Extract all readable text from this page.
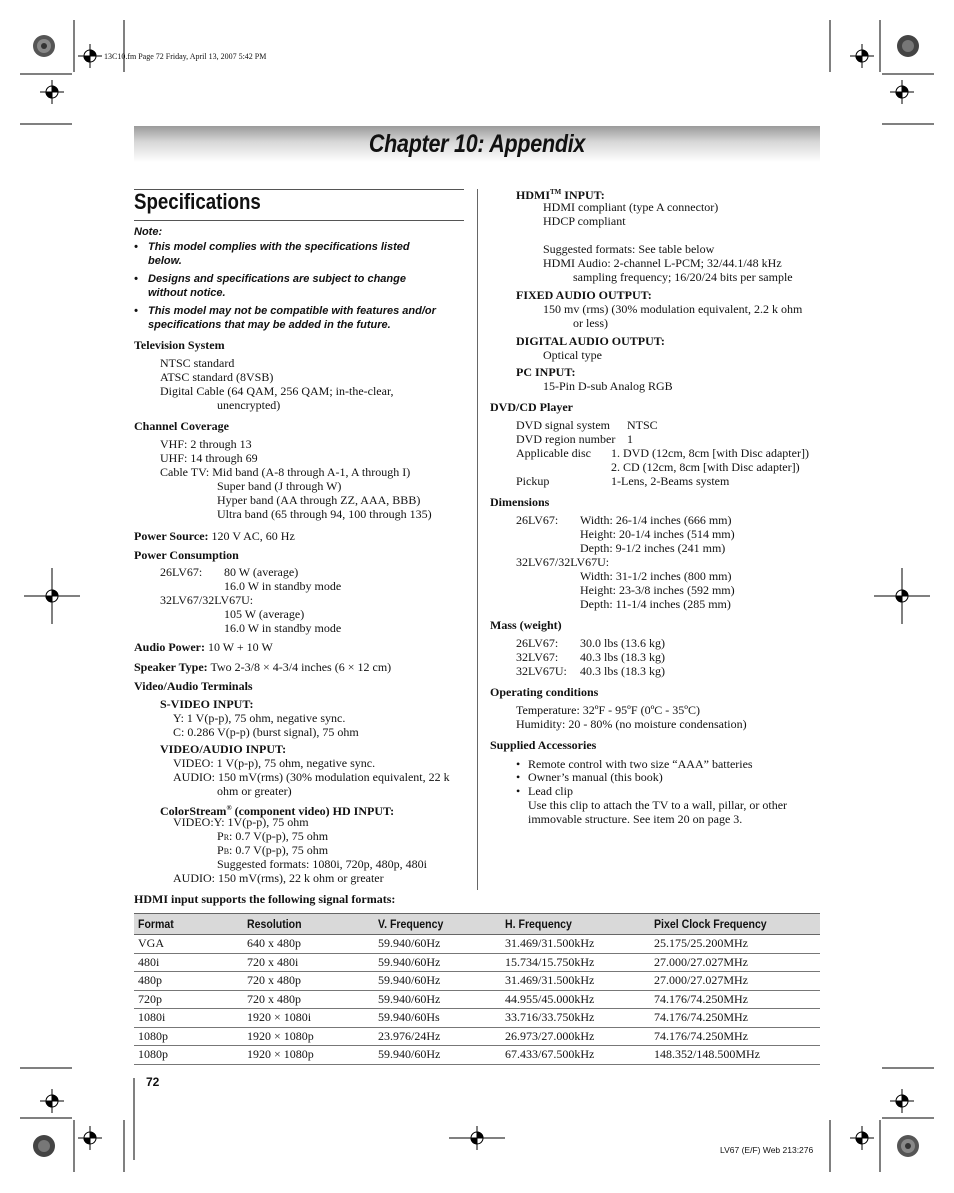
13C10.fm Page 72 Friday, April 13, 2007 5:42 PM
Chapter 10: Appendix
Specifications
Note:
• This model complies with the specifications listed
below.
• Designs and specifications are subject to change
without notice.
• This model may not be compatible with features and/or
specifications that may be added in the future.
Television System
NTSC standard
ATSC standard (8VSB)
Digital Cable (64 QAM, 256 QAM; in-the-clear,
unencrypted)
Channel Coverage
VHF: 2 through 13
UHF: 14 through 69
Cable TV: Mid band (A-8 through A-1, A through I)
Super band (J through W)
Hyper band (AA through ZZ, AAA, BBB)
Ultra band (65 through 94, 100 through 135)
Power Source: 120 V AC, 60 Hz
Power Consumption
26LV67: 80 W (average)
16.0 W in standby mode
32LV67/32LV67U:
105 W (average)
16.0 W in standby mode
Audio Power: 10 W + 10 W
Speaker Type: Two 2-3/8 × 4-3/4 inches (6 × 12 cm)
Video/Audio Terminals
S-VIDEO INPUT:
Y: 1 V(p-p), 75 ohm, negative sync.
C: 0.286 V(p-p) (burst signal), 75 ohm
VIDEO/AUDIO INPUT:
VIDEO: 1 V(p-p), 75 ohm, negative sync.
AUDIO: 150 mV(rms) (30% modulation equivalent, 22 k
ohm or greater)
ColorStream® (component video) HD INPUT:
VIDEO:Y: 1V(p-p), 75 ohm
PR: 0.7 V(p-p), 75 ohm
PB: 0.7 V(p-p), 75 ohm
Suggested formats: 1080i, 720p, 480p, 480i
AUDIO: 150 mV(rms), 22 k ohm or greater
HDMI™ INPUT:
HDMI compliant (type A connector)
HDCP compliant
Suggested formats: See table below
HDMI Audio: 2-channel L-PCM; 32/44.1/48 kHz
sampling frequency; 16/20/24 bits per sample
FIXED AUDIO OUTPUT:
150 mv (rms) (30% modulation equivalent, 2.2 k ohm
or less)
DIGITAL AUDIO OUTPUT:
Optical type
PC INPUT:
15-Pin D-sub Analog RGB
DVD/CD Player
DVD signal system NTSC
DVD region number 1
Applicable disc 1. DVD (12cm, 8cm [with Disc adapter])
2. CD (12cm, 8cm [with Disc adapter])
Pickup	1-Lens, 2-Beams system
Dimensions
26LV67: Width: 26-1/4 inches (666 mm)
Height: 20-1/4 inches (514 mm)
Depth: 9-1/2 inches (241 mm)
32LV67/32LV67U:
Width: 31-1/2 inches (800 mm)
Height: 23-3/8 inches (592 mm)
Depth: 11-1/4 inches (285 mm)
Mass (weight)
26LV67: 30.0 lbs (13.6 kg)
32LV67: 40.3 lbs (18.3 kg)
32LV67U: 40.3 lbs (18.3 kg)
Operating conditions
Temperature: 32ºF - 95ºF (0ºC - 35ºC)
Humidity: 20 - 80% (no moisture condensation)
Supplied Accessories
• Remote control with two size “AAA” batteries
• Owner’s manual (this book)
• Lead clip
Use this clip to attach the TV to a wall, pillar, or other
immovable structure. See item 20 on page 3.
HDMI input supports the following signal formats:
Format	Resolution	V. Frequency	H. Frequency	Pixel Clock Frequency
VGA	640 x 480p	59.940/60Hz	31.469/31.500kHz	25.175/25.200MHz
480i	720 x 480i	59.940/60Hz	15.734/15.750kHz	27.000/27.027MHz
480p	720 x 480p	59.940/60Hz	31.469/31.500kHz	27.000/27.027MHz
720p	720 x 480p	59.940/60Hz	44.955/45.000kHz	74.176/74.250MHz
1080i	1920 × 1080i	59.940/60Hs	33.716/33.750kHz	74.176/74.250MHz
1080p	1920 × 1080p	23.976/24Hz	26.973/27.000kHz	74.176/74.250MHz
1080p	1920 × 1080p	59.940/60Hz	67.433/67.500kHz	148.352/148.500MHz
72
LV67 (E/F) Web 213:276
